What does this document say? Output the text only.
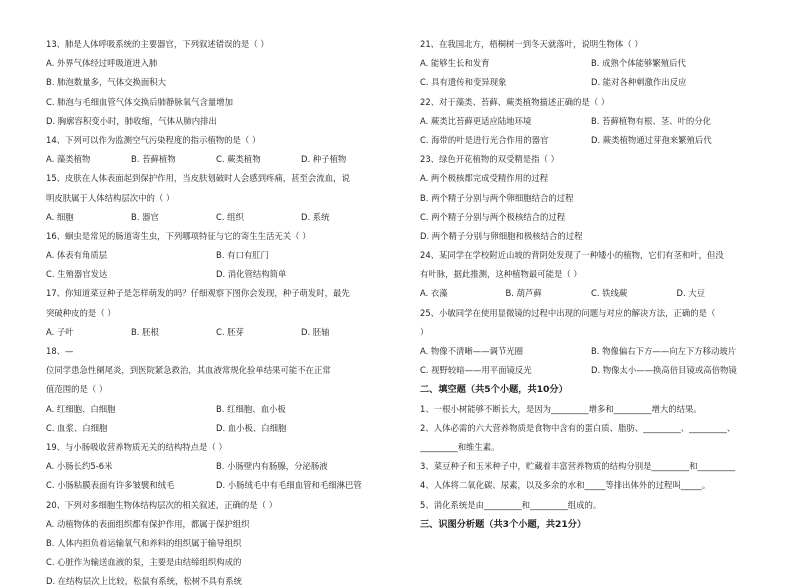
13、肺是人体呼吸系统的主要器官，下列叙述错误的是（ ）
A. 外界气体经过呼吸道进入肺
B. 肺泡数量多，气体交换面积大
C. 肺泡与毛细血管气体交换后肺静脉氧气含量增加
D. 胸廓容积变小时，肺收缩，气体从肺内排出
14、下列可以作为监测空气污染程度的指示植物的是（ ）
A. 藻类植物	B. 苔藓植物	C. 蕨类植物	D. 种子植物
15、皮肤在人体表面起到保护作用，当皮肤划破时人会感到疼痛，甚至会流血，说
明皮肤属于人体结构层次中的（ ）
A. 细胞	B. 器官	C. 组织	D. 系统
16、蛔虫是常见的肠道寄生虫，下列哪项特征与它的寄生生活无关（ ）
A. 体表有角质层	B. 有口有肛门
C. 生殖器官发达	D. 消化管结构简单
17、你知道菜豆种子是怎样萌发的吗？仔细观察下图你会发现，种子萌发时，最先
突破种皮的是（ ）
A. 子叶	B. 胚根	C. 胚芽	D. 胚轴
18、—
位同学患急性阑尾炎，到医院紧急救治，其血液常规化验单结果可能不在正常
值范围的是（ ）
A. 红细胞、白细胞	B. 红细胞、血小板
C. 血浆、白细胞	D. 血小板、白细胞
19、与小肠吸收营养物质无关的结构特点是（ ）
A. 小肠长约5-6米	B. 小肠壁内有肠腺，分泌肠液
C. 小肠粘膜表面有许多皱襞和绒毛	D. 小肠绒毛中有毛细血管和毛细淋巴管
20、下列对多细胞生物体结构层次的相关叙述，正确的是（ ）
A. 动植物体的表面组织都有保护作用，都属于保护组织
B. 人体内担负着运输氧气和养料的组织属于输导组织
C. 心脏作为输送血液的泵，主要是由结缔组织构成的
D. 在结构层次上比较，松鼠有系统，松树不具有系统
21、在我国北方，梧桐树一到冬天就落叶，说明生物体（ ）
A. 能够生长和发育	B. 成熟个体能够繁殖后代
C. 具有遗传和变异现象	D. 能对各种刺激作出反应
22、对于藻类、苔藓、蕨类植物描述正确的是（ ）
A. 蕨类比苔藓更适应陆地环境	B. 苔藓植物有根、茎、叶的分化
C. 海带的叶是进行光合作用的器官	D. 蕨类植物通过芽孢来繁殖后代
23、绿色开花植物的双受精是指（ ）
A. 两个极核都完成受精作用的过程
B. 两个精子分别与两个卵细胞结合的过程
C. 两个精子分别与两个极核结合的过程
D. 两个精子分别与卵细胞和极核结合的过程
24、某同学在学校附近山坡的背阴处发现了一种矮小的植物，它们有茎和叶，但没
有叶脉，据此推测，这种植物最可能是（ ）
A. 衣藻	B. 葫芦藓	C. 铁线蕨	D. 大豆
25、小敏同学在使用显微镜的过程中出现的问题与对应的解决方法，正确的是（
）
A. 物像不清晰——调节光圈	B. 物像偏右下方——向左下方移动玻片
C. 视野较暗——用平面镜反光	D. 物像太小——换高倍目镜或高倍物镜
二、填空题（共5个小题，共10分）
1、一根小树能够不断长大，是因为_________增多和_________增大的结果。
2、人体必需的六大营养物质是食物中含有的蛋白质、脂肪、_________、_________、
_________和维生素。
3、菜豆种子和玉米种子中，贮藏着丰富营养物质的结构分别是_________和_________
4、人体将二氧化碳、尿素，以及多余的水和_____等排出体外的过程叫_____。
5、消化系统是由_________和_________组成的。
三、识图分析题（共3个小题，共21分）
